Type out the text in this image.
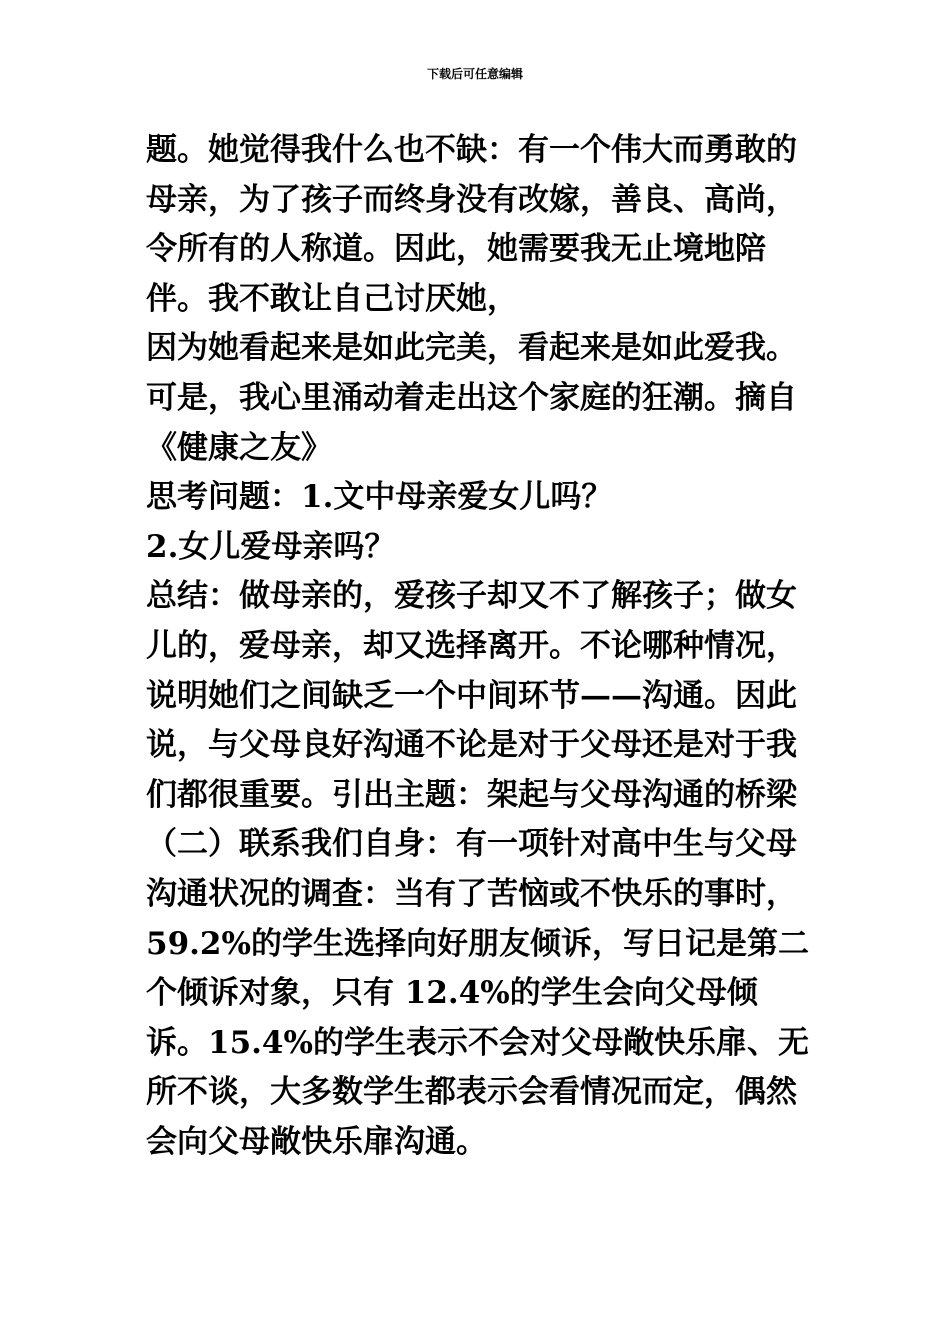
下载后可任意编辑

题。她觉得我什么也不缺：有一个伟大而勇敢的母亲，为了孩子而终身没有改嫁，善良、高尚，令所有的人称道。因此，她需要我无止境地陪伴。我不敢让自己讨厌她，

因为她看起来是如此完美，看起来是如此爱我。可是，我心里涌动着走出这个家庭的狂潮。摘自《健康之友》

思考问题：1.文中母亲爱女儿吗？

2.女儿爱母亲吗？

总结：做母亲的，爱孩子却又不了解孩子；做女儿的，爱母亲，却又选择离开。不论哪种情况，说明她们之间缺乏一个中间环节——沟通。因此说，与父母良好沟通不论是对于父母还是对于我们都很重要。引出主题：架起与父母沟通的桥梁

（二）联系我们自身：有一项针对高中生与父母沟通状况的调查：当有了苦恼或不快乐的事时，59.2%的学生选择向好朋友倾诉，写日记是第二个倾诉对象，只有 12.4%的学生会向父母倾诉。15.4%的学生表示不会对父母敞快乐扉、无所不谈，大多数学生都表示会看情况而定，偶然会向父母敞快乐扉沟通。
